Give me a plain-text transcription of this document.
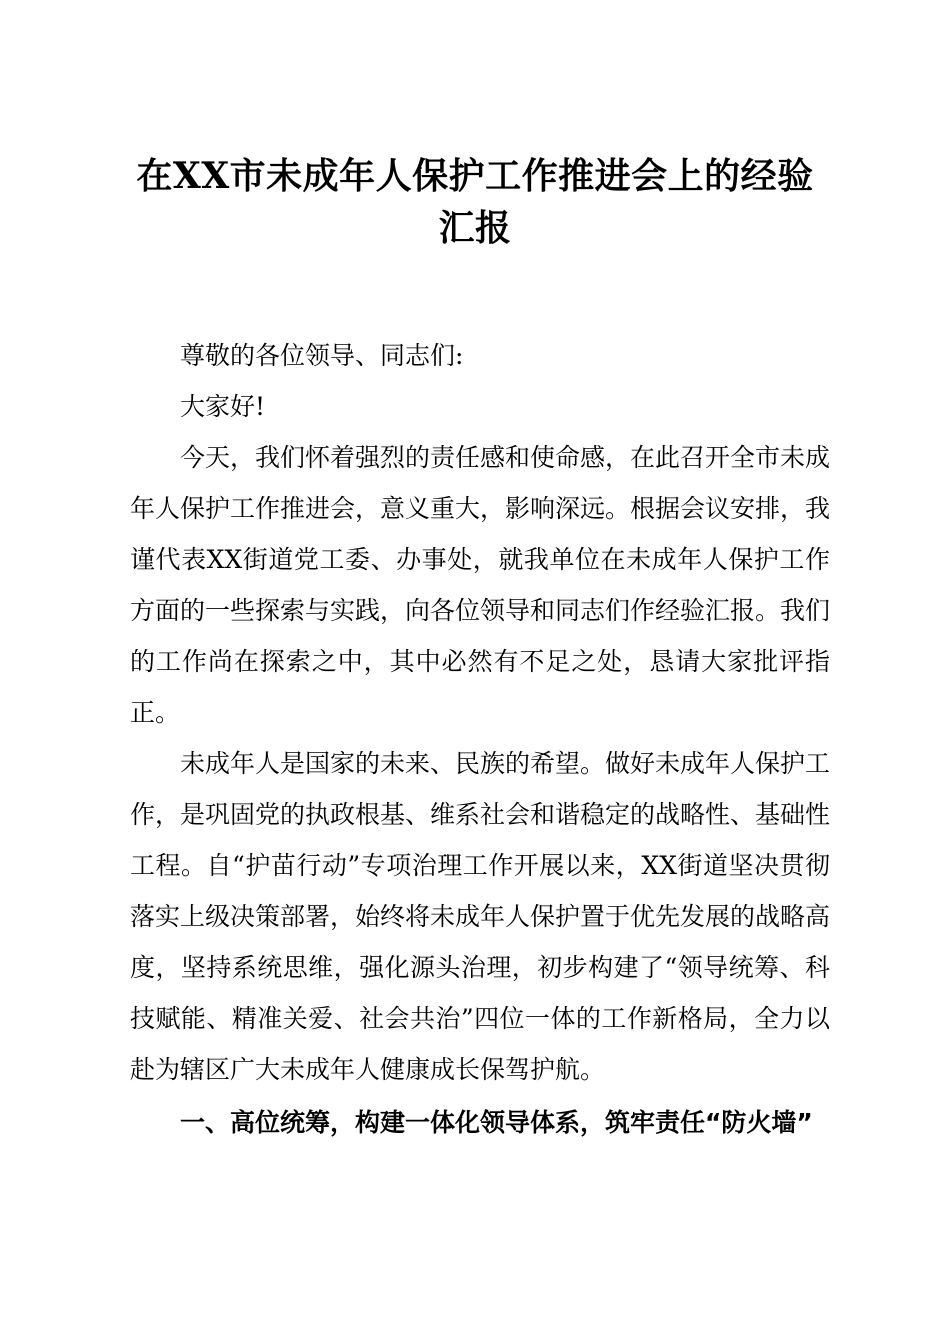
在XX市未成年人保护工作推进会上的经验汇报

尊敬的各位领导、同志们:

大家好!

今天，我们怀着强烈的责任感和使命感，在此召开全市未成年人保护工作推进会，意义重大，影响深远。根据会议安排，我谨代表XX街道党工委、办事处，就我单位在未成年人保护工作方面的一些探索与实践，向各位领导和同志们作经验汇报。我们的工作尚在探索之中，其中必然有不足之处，恳请大家批评指正。

未成年人是国家的未来、民族的希望。做好未成年人保护工作，是巩固党的执政根基、维系社会和谐稳定的战略性、基础性工程。自“护苗行动”专项治理工作开展以来，XX街道坚决贯彻落实上级决策部署，始终将未成年人保护置于优先发展的战略高度，坚持系统思维，强化源头治理，初步构建了“领导统筹、科技赋能、精准关爱、社会共治”四位一体的工作新格局，全力以赴为辖区广大未成年人健康成长保驾护航。

一、高位统筹，构建一体化领导体系，筑牢责任“防火墙”
